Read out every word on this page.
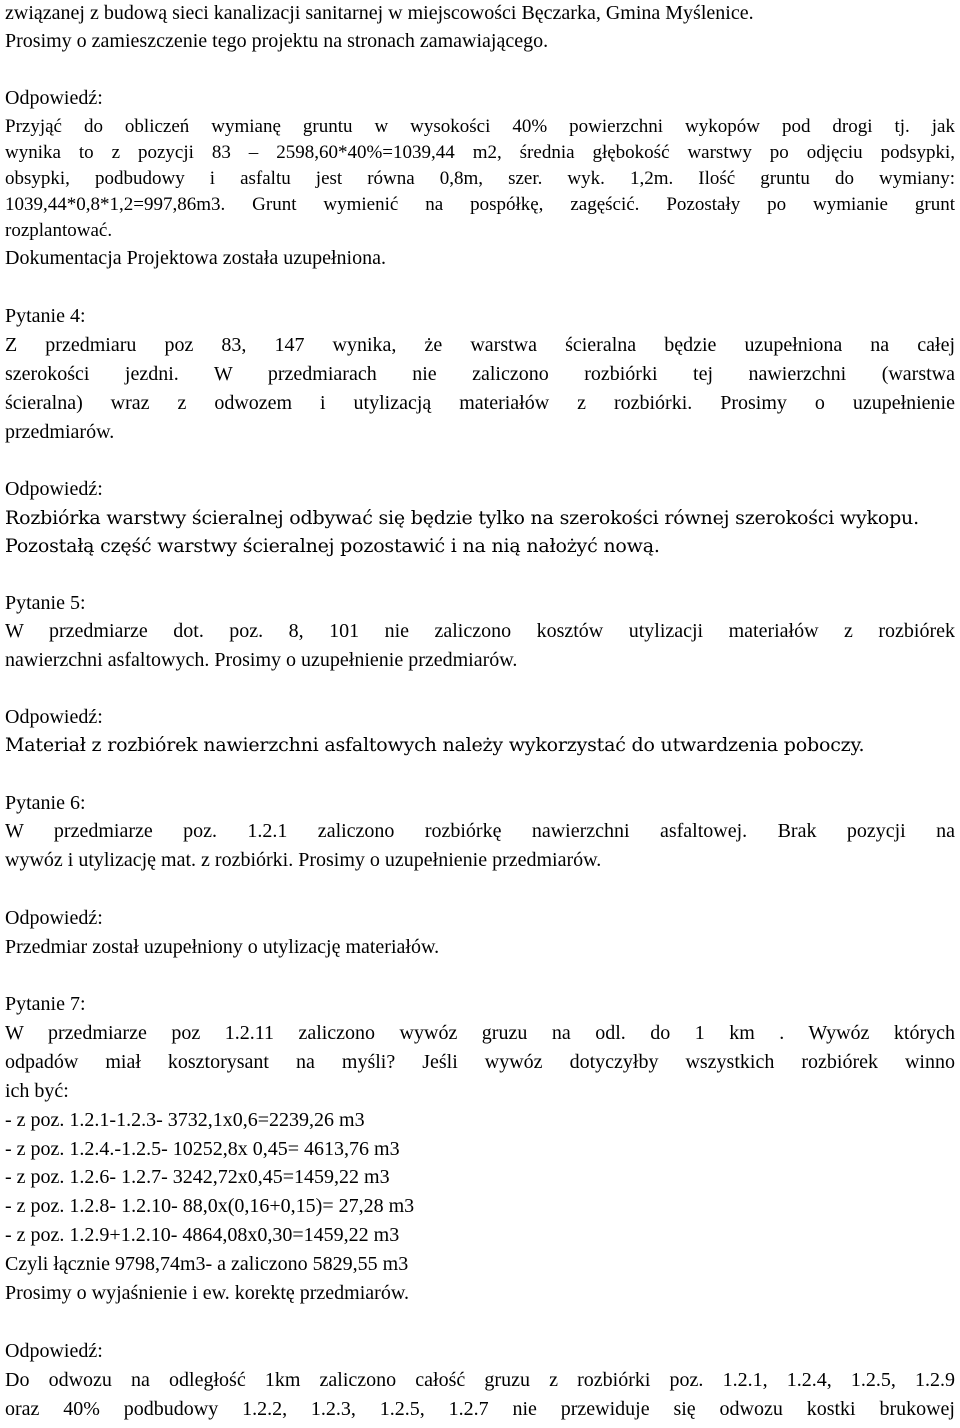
związanej z budową sieci kanalizacji sanitarnej w miejscowości Bęczarka, Gmina Myślenice.
Prosimy o zamieszczenie tego projektu na stronach zamawiającego.
Odpowiedź:
Przyjąć do obliczeń wymianę gruntu w wysokości 40% powierzchni wykopów pod drogi tj. jak
wynika to z pozycji 83 – 2598,60*40%=1039,44 m2, średnia głębokość warstwy po odjęciu podsypki,
obsypki, podbudowy i asfaltu jest równa 0,8m, szer. wyk. 1,2m. Ilość gruntu do wymiany:
1039,44*0,8*1,2=997,86m3. Grunt wymienić na pospółkę, zagęścić. Pozostały po wymianie grunt
rozplantować.
Dokumentacja Projektowa została uzupełniona.
Pytanie 4:
Z przedmiaru poz 83, 147 wynika, że warstwa ścieralna będzie uzupełniona na całej
szerokości jezdni. W przedmiarach nie zaliczono rozbiórki tej nawierzchni (warstwa
ścieralna) wraz z odwozem i utylizacją materiałów z rozbiórki. Prosimy o uzupełnienie
przedmiarów.
Odpowiedź:
Rozbiórka warstwy ścieralnej odbywać się będzie tylko na szerokości równej szerokości wykopu.
Pozostałą część warstwy ścieralnej pozostawić i na nią nałożyć nową.
Pytanie 5:
W przedmiarze dot. poz. 8, 101 nie zaliczono kosztów utylizacji materiałów z rozbiórek
nawierzchni asfaltowych. Prosimy o uzupełnienie przedmiarów.
Odpowiedź:
Materiał z rozbiórek nawierzchni asfaltowych należy wykorzystać do utwardzenia poboczy.
Pytanie 6:
W przedmiarze poz. 1.2.1 zaliczono rozbiórkę nawierzchni asfaltowej. Brak pozycji na
wywóz i utylizację mat. z rozbiórki. Prosimy o uzupełnienie przedmiarów.
Odpowiedź:
Przedmiar został uzupełniony o utylizację materiałów.
Pytanie 7:
W przedmiarze poz 1.2.11 zaliczono wywóz gruzu na odl. do 1 km . Wywóz których
odpadów miał kosztorysant na myśli? Jeśli wywóz dotyczyłby wszystkich rozbiórek winno
ich być:
- z poz. 1.2.1-1.2.3- 3732,1x0,6=2239,26 m3
- z poz. 1.2.4.-1.2.5- 10252,8x 0,45= 4613,76 m3
- z poz. 1.2.6- 1.2.7- 3242,72x0,45=1459,22 m3
- z poz. 1.2.8- 1.2.10- 88,0x(0,16+0,15)= 27,28 m3
- z poz. 1.2.9+1.2.10- 4864,08x0,30=1459,22 m3
Czyli łącznie 9798,74m3- a zaliczono 5829,55 m3
Prosimy o wyjaśnienie i ew. korektę przedmiarów.
Odpowiedź:
Do odwozu na odległość 1km zaliczono całość gruzu z rozbiórki poz. 1.2.1, 1.2.4, 1.2.5, 1.2.9
oraz 40% podbudowy 1.2.2, 1.2.3, 1.2.5, 1.2.7 nie przewiduje się odwozu kostki brukowej
